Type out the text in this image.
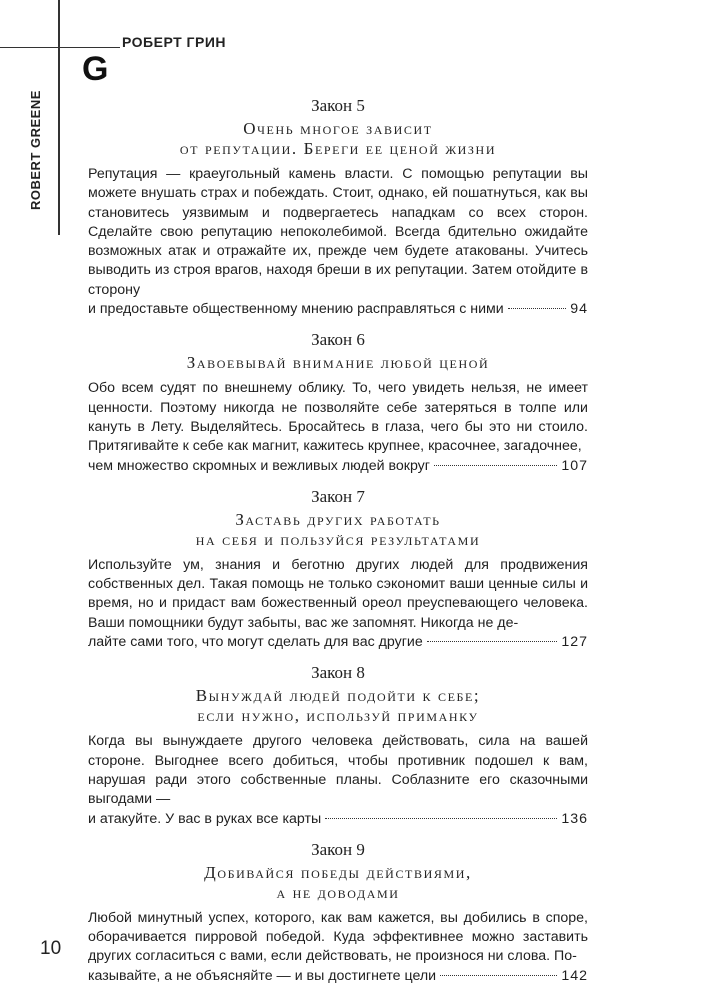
ROBERT GREENE
РОБЕРТ ГРИН
G

Закон 5

Очень многое зависит
от репутации. Береги ее ценой жизни

Репутация — краеугольный камень власти. С помощью репутации вы можете внушать страх и побеждать. Стоит, однако, ей пошатнуться, как вы становитесь уязвимым и подвергаетесь нападкам со всех сторон. Сделайте свою репутацию непоколебимой. Всегда бдительно ожидайте возможных атак и отражайте их, прежде чем будете атакованы. Учитесь выводить из строя врагов, находя бреши в их репутации. Затем отойдите в сторону
и предоставьте общественному мнению расправляться с ними	94

Закон 6

Завоевывай внимание любой ценой

Обо всем судят по внешнему облику. То, чего увидеть нельзя, не имеет ценности. Поэтому никогда не позволяйте себе затеряться в толпе или кануть в Лету. Выделяйтесь. Бросайтесь в глаза, чего бы это ни стоило. Притягивайте к себе как магнит, кажитесь крупнее, красочнее, загадочнее,
чем множество скромных и вежливых людей вокруг	107

Закон 7

Заставь других работать
на себя и пользуйся результатами

Используйте ум, знания и беготню других людей для продвижения собственных дел. Такая помощь не только сэкономит ваши ценные силы и время, но и придаст вам божественный ореол преуспевающего человека. Ваши помощники будут забыты, вас же запомнят. Никогда не де-
лайте сами того, что могут сделать для вас другие	127

Закон 8

Вынуждай людей подойти к себе;
если нужно, используй приманку

Когда вы вынуждаете другого человека действовать, сила на вашей стороне. Выгоднее всего добиться, чтобы противник подошел к вам, нарушая ради этого собственные планы. Соблазните его сказочными выгодами —
и атакуйте. У вас в руках все карты	136

Закон 9

Добивайся победы действиями,
а не доводами

Любой минутный успех, которого, как вам кажется, вы добились в споре, оборачивается пирровой победой. Куда эффективнее можно заставить других согласиться с вами, если действовать, не произнося ни слова. По-
казывайте, а не объясняйте — и вы достигнете цели	142
10
